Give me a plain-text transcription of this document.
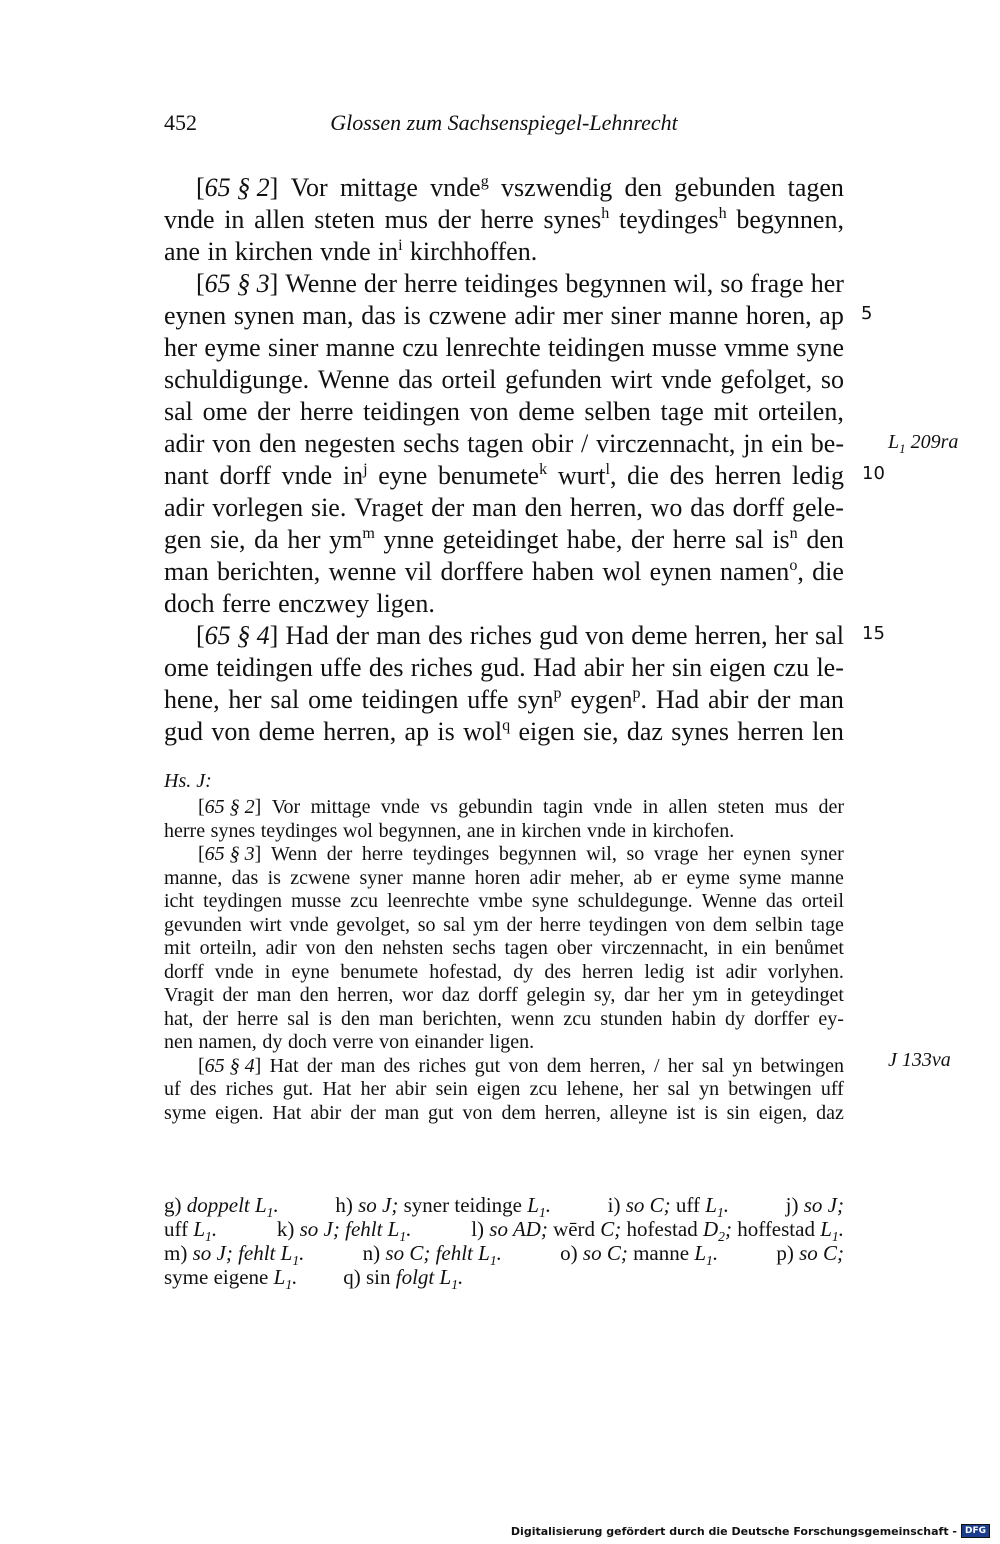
452	Glossen zum Sachsenspiegel-Lehnrecht
[65 § 2] Vor mittage vnde$^g$ vszwendig den gebunden tagen
vnde in allen steten mus der herre synes$^h$ teydinges$^h$ begynnen,
ane in kirchen vnde $in^i$ kirchhoffen.
[65 § 3] Wenne der herre teidinges begynnen wil, so frage her
eynen synen man, das is czwene adir mer siner manne horen, ap
her eyme siner manne czu lenrechte teidingen musse vmme syne
schuldigunge. Wenne das orteil gefunden wirt vnde gefolget, so
sal ome der herre teidingen von deme selben tage mit orteilen,
adir von den negesten sechs tagen obir / virczennacht, jn ein be-
nant dorff vnde $in^j$ eyne benumete$^k$ wurt$^l$, die des herren ledig
adir vorlegen sie. Vraget der man den herren, wo das dorff gele-
gen sie, da her $ym^m$ ynne geteidinget habe, der herre sal $is^n$ den
man berichten, wenne vil dorffere haben wol eynen namen$^o$, die
doch ferre enczwey ligen.
[65 § 4] Had der man des riches gud von deme herren, her sal
ome teidingen uffe des riches gud. Had abir her sin eigen czu le-
hene, her sal ome teidingen uffe syn$^p$ eygen$^p$. Had abir der man
gud von deme herren, ap is wol$^q$ eigen sie, daz synes herren len
5
$L_1$ 209ra
10
15
Hs. J:
[65 § 2] Vor mittage vnde vs gebundin tagin vnde in allen steten mus der
herre synes teydinges wol begynnen, ane in kirchen vnde in kirchofen.
[65 § 3] Wenn der herre teydinges begynnen wil, so vrage her eynen syner
manne, das is zcwene syner manne horen adir meher, ab er eyme syme manne
icht teydingen musse zcu leenrechte vmbe syne schuldegunge. Wenne das orteil
gevunden wirt vnde gevolget, so sal ym der herre teydingen von dem selbin tage
mit orteiln, adir von den nehsten sechs tagen ober virczennacht, in ein benůmet
dorff vnde in eyne benumete hofestad, dy des herren ledig ist adir vorlyhen.
Vragit der man den herren, wor daz dorff gelegin sy, dar her ym in geteydinget
hat, der herre sal is den man berichten, wenn zcu stunden habin dy dorffer ey-
nen namen, dy doch verre von einander ligen.
[65 § 4] Hat der man des riches gut von dem herren, / her sal yn betwingen
uf des riches gut. Hat her abir sein eigen zcu lehene, her sal yn betwingen uff
syme eigen. Hat abir der man gut von dem herren, alleyne ist is sin eigen, daz
J 133va
g) doppelt $L_1$.	h) so J; syner teidinge $L_1$.	i) so C; uff $L_1$.	j) so J;
uff $L_1$.	k) so J; fehlt $L_1$.	l) so AD; wērd C; hofestad $D_2$; hoffestad $L_1$.
m) so J; fehlt $L_1$.	n) so C; fehlt $L_1$.	o) so C; manne $L_1$.	p) so C;
syme eigene $L_1$. q) sin folgt $L_1$.
Digitalisierung gefördert durch die Deutsche Forschungsgemeinschaft - DFG
